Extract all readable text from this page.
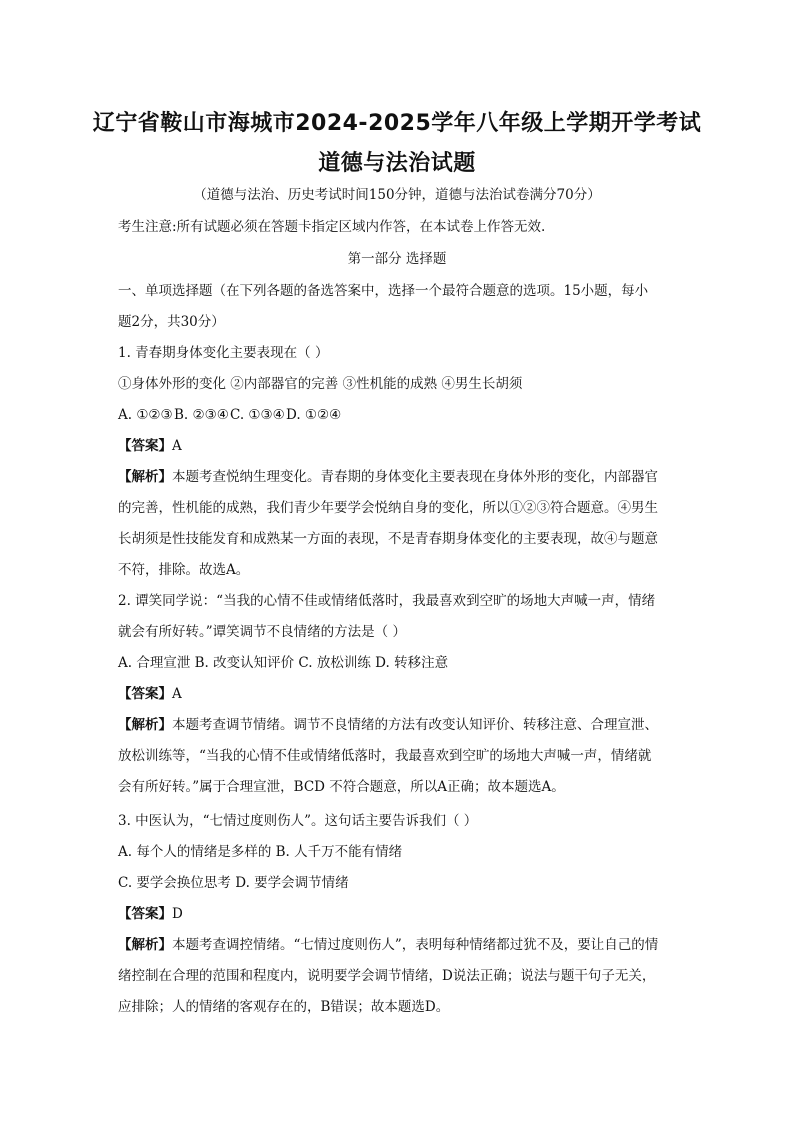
辽宁省鞍山市海城市2024-2025学年八年级上学期开学考试
道德与法治试题
（道德与法治、历史考试时间150分钟，道德与法治试卷满分70分）
考生注意:所有试题必须在答题卡指定区域内作答，在本试卷上作答无效.
第一部分 选择题
一、单项选择题（在下列各题的备选答案中，选择一个最符合题意的选项。15小题，每小
题2分，共30分）
1. 青春期身体变化主要表现在（ ）
①身体外形的变化 ②内部器官的完善 ③性机能的成熟 ④男生长胡须
A. ①②③B. ②③④C. ①③④D. ①②④
【答案】A
【解析】本题考查悦纳生理变化。青春期的身体变化主要表现在身体外形的变化，内部器官
的完善，性机能的成熟，我们青少年要学会悦纳自身的变化，所以①②③符合题意。④男生
长胡须是性技能发育和成熟某一方面的表现，不是青春期身体变化的主要表现，故④与题意
不符，排除。故选A。
2. 谭笑同学说：“当我的心情不佳或情绪低落时，我最喜欢到空旷的场地大声喊一声，情绪
就会有所好转。”谭笑调节不良情绪的方法是（ ）
A. 合理宣泄 B. 改变认知评价 C. 放松训练 D. 转移注意
【答案】A
【解析】本题考查调节情绪。调节不良情绪的方法有改变认知评价、转移注意、合理宣泄、
放松训练等，“当我的心情不佳或情绪低落时，我最喜欢到空旷的场地大声喊一声，情绪就
会有所好转。”属于合理宣泄，BCD 不符合题意，所以A正确；故本题选A。
3. 中医认为，“七情过度则伤人”。这句话主要告诉我们（ ）
A. 每个人的情绪是多样的 B. 人千万不能有情绪
C. 要学会换位思考 D. 要学会调节情绪
【答案】D
【解析】本题考查调控情绪。“七情过度则伤人”，表明每种情绪都过犹不及，要让自己的情
绪控制在合理的范围和程度内，说明要学会调节情绪，D说法正确；说法与题干句子无关，
应排除；人的情绪的客观存在的，B错误；故本题选D。
